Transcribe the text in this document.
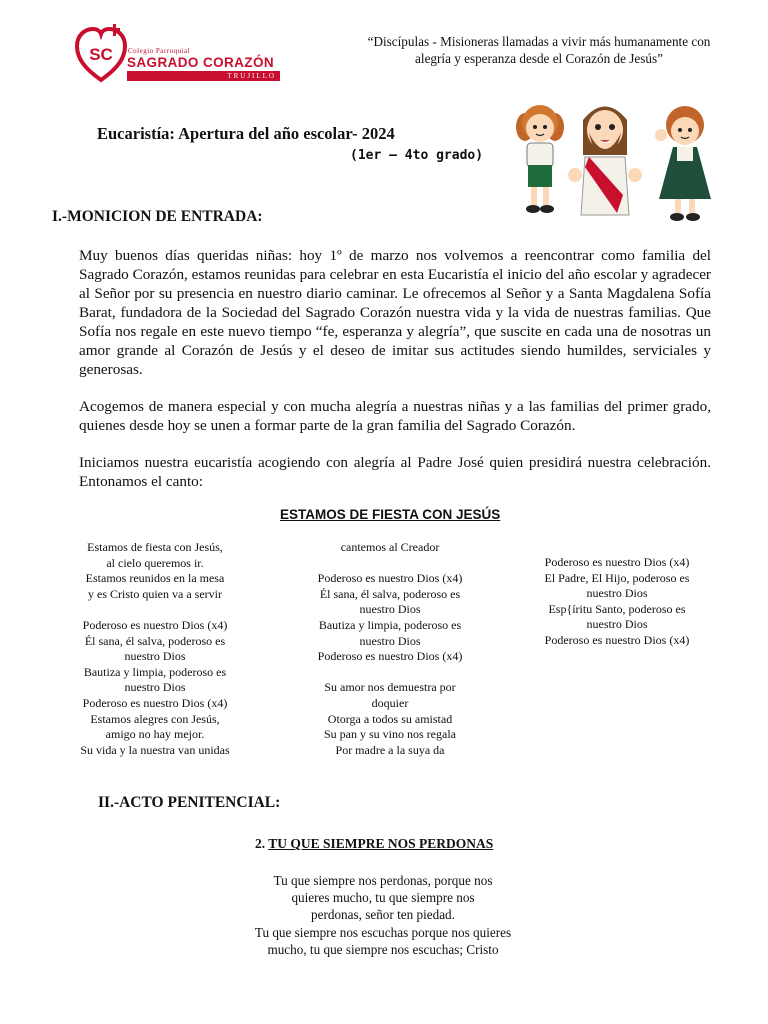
SC Colegio Parroquial
SAGRADO CORAZÓN
TRUJILLO
“Discípulas - Misioneras llamadas a vivir más humanamente con alegría y esperanza desde el Corazón de Jesús”
Eucaristía: Apertura del año escolar- 2024
(1er – 4to grado)
I.-MONICION DE ENTRADA:
Muy buenos días queridas niñas: hoy 1º de marzo nos volvemos a reencontrar como familia del Sagrado Corazón, estamos reunidas para celebrar en esta Eucaristía el inicio del año escolar y agradecer al Señor por su presencia en nuestro diario caminar. Le ofrecemos al Señor y a Santa Magdalena Sofía Barat, fundadora de la Sociedad del Sagrado Corazón nuestra vida y la vida de nuestras familias. Que Sofía nos regale en este nuevo tiempo “fe, esperanza y alegría”, que suscite en cada una de nosotras un amor grande al Corazón de Jesús y el deseo de imitar sus actitudes siendo humildes, serviciales y generosas.
Acogemos de manera especial y con mucha alegría a nuestras niñas y a las familias del primer grado, quienes desde hoy se unen a formar parte de la gran familia del Sagrado Corazón.
Iniciamos nuestra eucaristía acogiendo con alegría al Padre José quien presidirá nuestra celebración. Entonamos el canto:
ESTAMOS DE FIESTA CON JESÚS
Estamos de fiesta con Jesús,
al cielo queremos ir.
Estamos reunidos en la mesa
y es Cristo quien va a servir
Poderoso es nuestro Dios (x4)
Él sana, él salva, poderoso es
nuestro Dios
Bautiza y limpia, poderoso es
nuestro Dios
Poderoso es nuestro Dios (x4)
Estamos alegres con Jesús,
amigo no hay mejor.
Su vida y la nuestra van unidas
cantemos al Creador
Poderoso es nuestro Dios (x4)
Él sana, él salva, poderoso es
nuestro Dios
Bautiza y limpia, poderoso es
nuestro Dios
Poderoso es nuestro Dios (x4)
Su amor nos demuestra por
doquier
Otorga a todos su amistad
Su pan y su vino nos regala
Por madre a la suya da
Poderoso es nuestro Dios (x4)
El Padre, El Hijo, poderoso es
nuestro Dios
Esp{íritu Santo, poderoso es
nuestro Dios
Poderoso es nuestro Dios (x4)
II.-ACTO PENITENCIAL:
2. TU QUE SIEMPRE NOS PERDONAS
Tu que siempre nos perdonas, porque nos
quieres mucho, tu que siempre nos
perdonas, señor ten piedad.
Tu que siempre nos escuchas porque nos quieres
mucho, tu que siempre nos escuchas; Cristo
